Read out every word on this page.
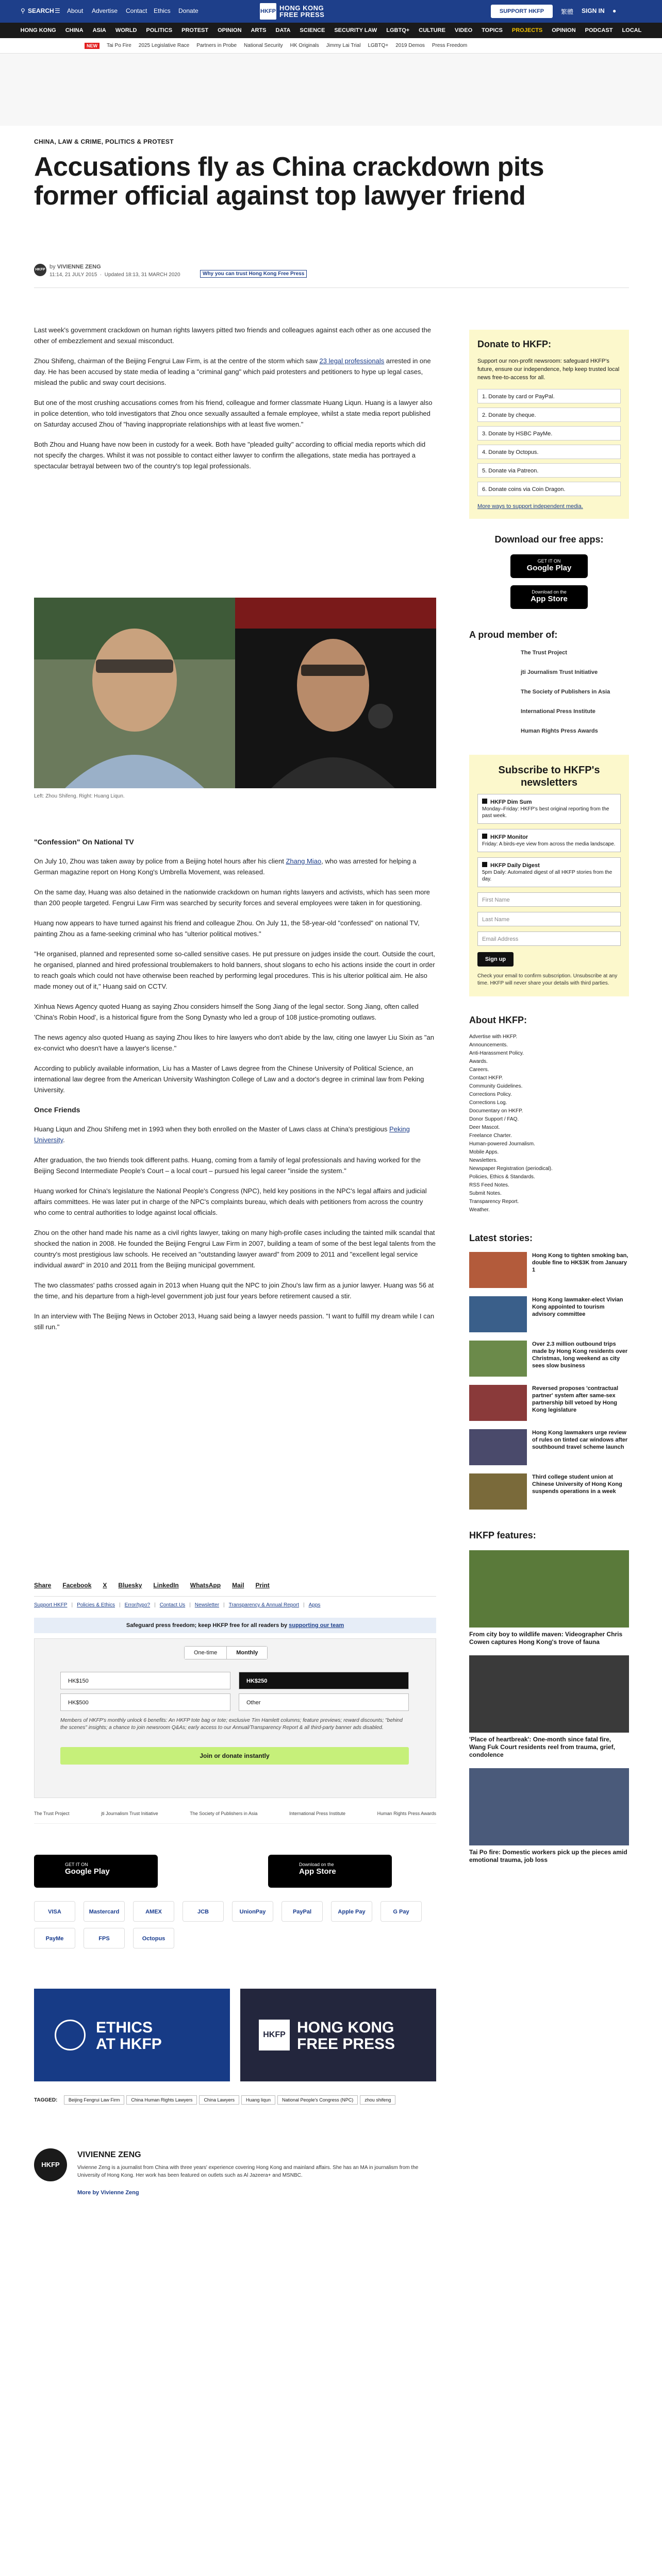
⚲ SEARCH ☰ About Advertise Contact Ethics Donate	HKFP HONG KONG
FREE PRESS	SUPPORT HKFP	繁體 SIGN IN ●
HONG KONG CHINA ASIA WORLD POLITICS PROTEST OPINION ARTS DATA SCIENCE SECURITY LAW LGBTQ+ CULTURE VIDEO TOPICS PROJECTS OPINION PODCAST LOCAL
NEW	Tai Po Fire 2025 Legislative Race Partners in Probe National Security HK Originals Jimmy Lai Trial LGBTQ+ 2019 Demos Press Freedom
CHINA, LAW & CRIME, POLITICS & PROTEST
Accusations fly as China crackdown pits former official against top lawyer friend
HKFP by VIVIENNE ZENG
11:14, 21 JULY 2015  ·  Updated 18:13, 31 MARCH 2020	Why you can trust Hong Kong Free Press

Last week's government crackdown on human rights lawyers pitted two friends and colleagues against each other as one accused the other of embezzlement and sexual misconduct.

Zhou Shifeng, chairman of the Beijing Fengrui Law Firm, is at the centre of the storm which saw 23 legal professionals arrested in one day. He has been accused by state media of leading a "criminal gang" which paid protesters and petitioners to hype up legal cases, mislead the public and sway court decisions.

But one of the most crushing accusations comes from his friend, colleague and former classmate Huang Liqun. Huang is a lawyer also in police detention, who told investigators that Zhou once sexually assaulted a female employee, whilst a state media report published on Saturday accused Zhou of "having inappropriate relationships with at least five women."

Both Zhou and Huang have now been in custody for a week. Both have "pleaded guilty" according to official media reports which did not specify the charges. Whilst it was not possible to contact either lawyer to confirm the allegations, state media has portrayed a spectacular betrayal between two of the country's top legal professionals.

Left: Zhou Shifeng. Right: Huang Liqun.
"Confession" On National TV

On July 10, Zhou was taken away by police from a Beijing hotel hours after his client Zhang Miao, who was arrested for helping a German magazine report on Hong Kong's Umbrella Movement, was released.

On the same day, Huang was also detained in the nationwide crackdown on human rights lawyers and activists, which has seen more than 200 people targeted. Fengrui Law Firm was searched by security forces and several employees were taken in for questioning.

Huang now appears to have turned against his friend and colleague Zhou. On July 11, the 58-year-old "confessed" on national TV, painting Zhou as a fame-seeking criminal who has "ulterior political motives."

"He organised, planned and represented some so-called sensitive cases. He put pressure on judges inside the court. Outside the court, he organised, planned and hired professional troublemakers to hold banners, shout slogans to echo his actions inside the court in order to reach goals which could not have otherwise been reached by performing legal procedures. This is his ulterior political aim. He also made money out of it," Huang said on CCTV.

Xinhua News Agency quoted Huang as saying Zhou considers himself the Song Jiang of the legal sector. Song Jiang, often called 'China's Robin Hood', is a historical figure from the Song Dynasty who led a group of 108 justice-promoting outlaws.

The news agency also quoted Huang as saying Zhou likes to hire lawyers who don't abide by the law, citing one lawyer Liu Sixin as "an ex-convict who doesn't have a lawyer's license."

According to publicly available information, Liu has a Master of Laws degree from the Chinese University of Political Science, an international law degree from the American University Washington College of Law and a doctor's degree in criminal law from Peking University.

Once Friends

Huang Liqun and Zhou Shifeng met in 1993 when they both enrolled on the Master of Laws class at China's prestigious Peking University.

After graduation, the two friends took different paths. Huang, coming from a family of legal professionals and having worked for the Beijing Second Intermediate People's Court – a local court – pursued his legal career "inside the system."

Huang worked for China's legislature the National People's Congress (NPC), held key positions in the NPC's legal affairs and judicial affairs committees. He was later put in charge of the NPC's complaints bureau, which deals with petitioners from across the country who come to central authorities to lodge against local officials.

Zhou on the other hand made his name as a civil rights lawyer, taking on many high-profile cases including the tainted milk scandal that shocked the nation in 2008. He founded the Beijing Fengrui Law Firm in 2007, building a team of some of the best legal talents from the country's most prestigious law schools. He received an "outstanding lawyer award" from 2009 to 2011 and "excellent legal service individual award" in 2010 and 2011 from the Beijing municipal government.

The two classmates' paths crossed again in 2013 when Huang quit the NPC to join Zhou's law firm as a junior lawyer. Huang was 56 at the time, and his departure from a high-level government job just four years before retirement caused a stir.

In an interview with The Beijing News in October 2013, Huang said being a lawyer needs passion. "I want to fulfill my dream while I can still run."

Share Facebook X Bluesky LinkedIn WhatsApp Mail Print
Support HKFP | Policies & Ethics | Error/typo? | Contact Us | Newsletter | Transparency & Annual Report | Apps
Safeguard press freedom; keep HKFP free for all readers by supporting our team
One-time	Monthly
HK$150	HK$250
HK$500	Other
Members of HKFP's monthly unlock 6 benefits: An HKFP tote bag or tote; exclusive Tim Hamlett columns; feature previews; reward discounts; "behind the scenes" insights; a chance to join newsroom Q&As; early access to our Annual/Transparency Report & all third-party banner ads disabled.
Join or donate instantly
The Trust Project	jti Journalism Trust Initiative	The Society of Publishers in Asia	International Press Institute	Human Rights Press Awards
GET IT ON
Google Play
Download on the
App Store
VISA	Mastercard	AMEX	JCB	UnionPay	PayPal	Apple Pay	G Pay
PayMe	FPS	Octopus
ETHICS
AT HKFP
HONG KONG
FREE PRESS
HKFP
TAGGED: Beijing Fengrui Law Firm China Human Rights Lawyers China Lawyers Huang liqun National People's Congress (NPC) zhou shifeng
HKFP
VIVIENNE ZENG
Vivienne Zeng is a journalist from China with three years' experience covering Hong Kong and mainland affairs. She has an MA in journalism from the University of Hong Kong. Her work has been featured on outlets such as Al Jazeera+ and MSNBC.
More by Vivienne Zeng
Donate to HKFP:
Support our non-profit newsroom: safeguard HKFP's future, ensure our independence, help keep trusted local news free-to-access for all.
1. Donate by card or PayPal.
2. Donate by cheque.
3. Donate by HSBC PayMe.
4. Donate by Octopus.
5. Donate via Patreon.
6. Donate coins via Coin Dragon.
More ways to support independent media.
Download our free apps:
GET IT ON
Google Play
Download on the
App Store
A proud member of:
The Trust Project
jti Journalism Trust Initiative
The Society of Publishers in Asia
International Press Institute
Human Rights Press Awards
Subscribe to HKFP's newsletters
HKFP Dim Sum
Monday–Friday: HKFP's best original reporting from the past week.
HKFP Monitor
Friday: A birds-eye view from across the media landscape.
HKFP Daily Digest
5pm Daily: Automated digest of all HKFP stories from the day.
First Name
Last Name
Email Address
Sign up
Check your email to confirm subscription. Unsubscribe at any time. HKFP will never share your details with third parties.
About HKFP:
Advertise with HKFP.
Announcements.
Anti-Harassment Policy.
Awards.
Careers.
Contact HKFP.
Community Guidelines.
Corrections Policy.
Corrections Log.
Documentary on HKFP.
Donor Support / FAQ.
Deer Mascot.
Freelance Charter.
Human-powered Journalism.
Mobile Apps.
Newsletters.
Newspaper Registration (periodical).
Policies, Ethics & Standards.
RSS Feed Notes.
Submit Notes.
Transparency Report.
Weather.
Latest stories:
Hong Kong to tighten smoking ban, double fine to HK$3K from January 1
Hong Kong lawmaker-elect Vivian Kong appointed to tourism advisory committee
Over 2.3 million outbound trips made by Hong Kong residents over Christmas, long weekend as city sees slow business
Reversed proposes 'contractual partner' system after same-sex partnership bill vetoed by Hong Kong legislature
Hong Kong lawmakers urge review of rules on tinted car windows after southbound travel scheme launch
Third college student union at Chinese University of Hong Kong suspends operations in a week
HKFP features:
From city boy to wildlife maven: Videographer Chris Cowen captures Hong Kong's trove of fauna
'Place of heartbreak': One-month since fatal fire, Wang Fuk Court residents reel from trauma, grief, condolence
Tai Po fire: Domestic workers pick up the pieces amid emotional trauma, job loss
